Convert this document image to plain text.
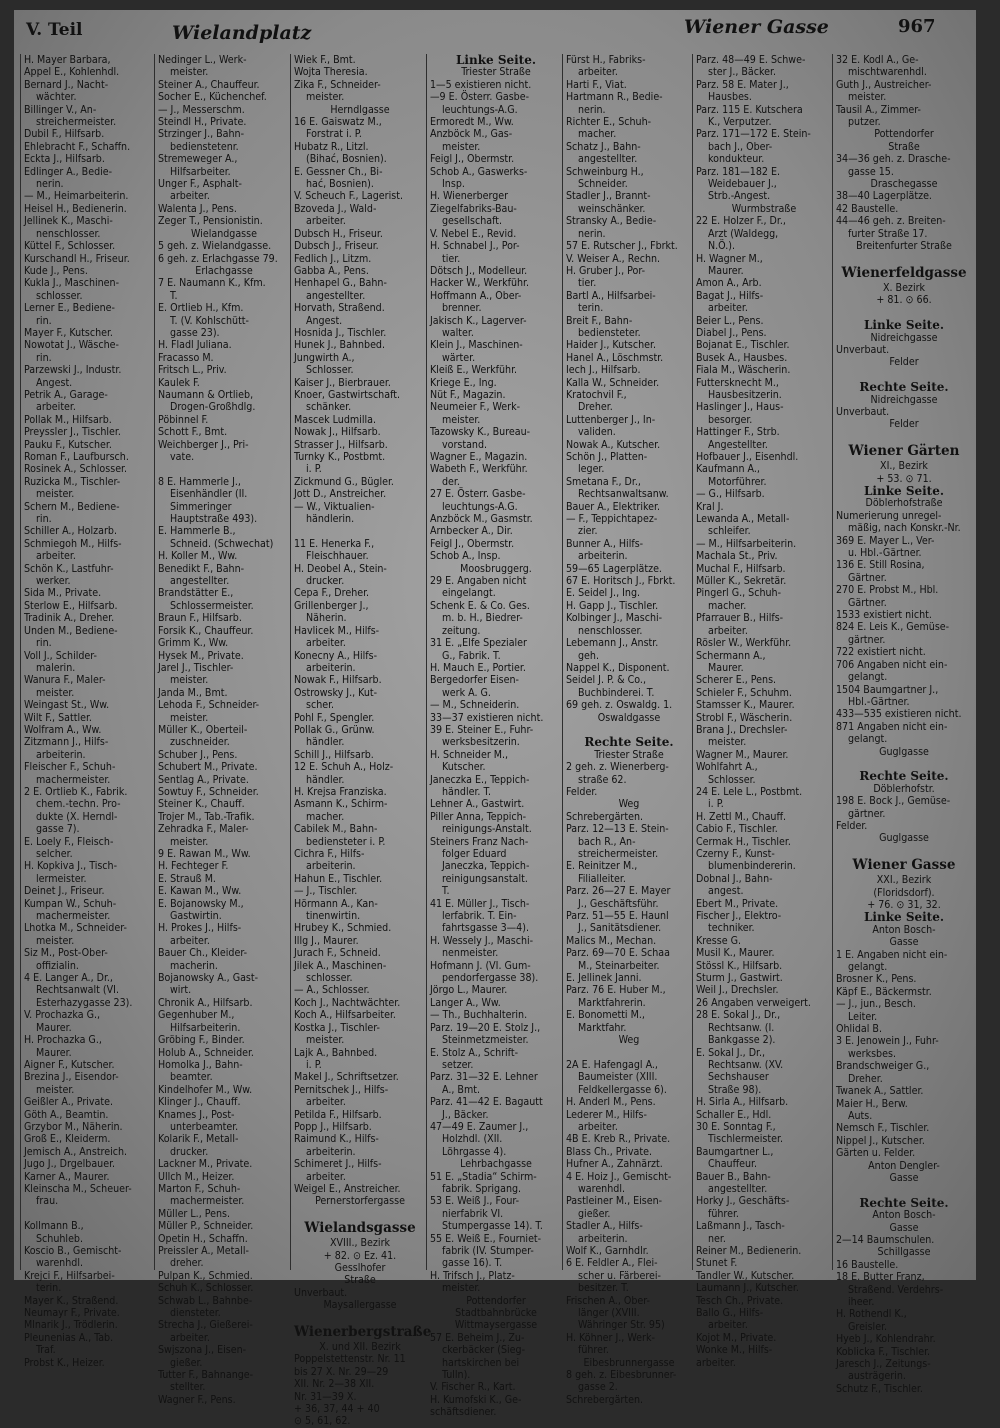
V. Teil	Wielandplatz	Wiener Gasse	967
H. Mayer Barbara,
Appel E., Kohlenhdl.
Bernard J., Nacht-
wächter.
Billinger V., An-
streichermeister.
Dubil F., Hilfsarb.
Ehlebracht F., Schaffn.
Eckta J., Hilfsarb.
Edlinger A., Bedie-
nerin.
— M., Heimarbeiterin.
Heisel H., Bedienerin.
Jellinek K., Maschi-
nenschlosser.
Küttel F., Schlosser.
Kurschandl H., Friseur.
Kude J., Pens.
Kukla J., Maschinen-
schlosser.
Lerner E., Bediene-
rin.
Mayer F., Kutscher.
Nowotat J., Wäsche-
rin.
Parzewski J., Industr.
Angest.
Petrik A., Garage-
arbeiter.
Pollak M., Hilfsarb.
Preyssler J., Tischler.
Pauku F., Kutscher.
Roman F., Laufbursch.
Rosinek A., Schlosser.
Ruzicka M., Tischler-
meister.
Schern M., Bediene-
rin.
Schiller A., Holzarb.
Schmiegoh M., Hilfs-
arbeiter.
Schön K., Lastfuhr-
werker.
Sida M., Private.
Sterlow E., Hilfsarb.
Tradinik A., Dreher.
Unden M., Bediene-
rin.
Voll J., Schilder-
malerin.
Wanura F., Maler-
meister.
Weingast St., Ww.
Wilt F., Sattler.
Wolfram A., Ww.
Zitzmann J., Hilfs-
arbeiterin.
Fleischer F., Schuh-
machermeister.
2 E. Ortlieb K., Fabrik.
chem.-techn. Pro-
dukte (X. Herndl-
gasse 7).
E. Loely F., Fleisch-
selcher.
H. Kopkiva J., Tisch-
lermeister.
Deinet J., Friseur.
Kumpan W., Schuh-
machermeister.
Lhotka M., Schneider-
meister.
Siz M., Post-Ober-
offizialin.
4 E. Langer A., Dr.,
Rechtsanwalt (VI.
Esterhazygasse 23).
V. Prochazka G.,
Maurer.
H. Prochazka G.,
Maurer.
Aigner F., Kutscher.
Brezina J., Eisendor-
meister.
Geißler A., Private.
Göth A., Beamtin.
Grzybor M., Näherin.
Groß E., Kleiderm.
Jemisch A., Anstreich.
Jugo J., Drgelbauer.
Karner A., Maurer.
Kleinscha M., Scheuer-
frau.

Kollmann B.,
Schuhleb.
Koscio B., Gemischt-
warenhdl.
Krejci F., Hilfsarbei-
terin.
Mayer K., Straßend.
Neumayr F., Private.
Mlnarik J., Trödlerin.
Pleunenias A., Tab.
Traf.
Probst K., Heizer.
Nedinger L., Werk-
meister.
Steiner A., Chauffeur.
Socher E., Küchenchef.
— J., Messerschm.
Steindl H., Private.
Strzinger J., Bahn-
bedienstetenr.
Stremeweger A.,
Hilfsarbeiter.
Unger F., Asphalt-
arbeiter.
Walenta J., Pens.
Zeger T., Pensionistin.
Wielandgasse
5 geh. z. Wielandgasse.
6 geh. z. Erlachgasse 79.
Erlachgasse
7 E. Naumann K., Kfm.
T.
E. Ortlieb H., Kfm.
T. (V. Kohlschütt-
gasse 23).
H. Fladl Juliana.
Fracasso M.
Fritsch L., Priv.
Kaulek F.
Naumann & Ortlieb,
Drogen-Großhdlg.
Pöbinnel F.
Schott F., Bmt.
Weichberger J., Pri-
vate.

8 E. Hammerle J.,
Eisenhändler (II.
Simmeringer
Hauptstraße 493).
E. Hammerle B.,
Schneid. (Schwechat)
H. Koller M., Ww.
Benedikt F., Bahn-
angestellter.
Brandstätter E.,
Schlossermeister.
Braun F., Hilfsarb.
Forsik K., Chauffeur.
Grimm K., Ww.
Hysek M., Private.
Jarel J., Tischler-
meister.
Janda M., Bmt.
Lehoda F., Schneider-
meister.
Müller K., Oberteil-
zuschneider.
Schuber J., Pens.
Schubert M., Private.
Sentlag A., Private.
Sowtuy F., Schneider.
Steiner K., Chauff.
Trojer M., Tab.-Trafik.
Zehradka F., Maler-
meister.
9 E. Rawan M., Ww.
H. Fechteger F.
E. Strauß M.
E. Kawan M., Ww.
E. Bojanowsky M.,
Gastwirtin.
H. Prokes J., Hilfs-
arbeiter.
Bauer Ch., Kleider-
macherin.
Bojanowsky A., Gast-
wirt.
Chronik A., Hilfsarb.
Gegenhuber M.,
Hilfsarbeiterin.
Gröbing F., Binder.
Holub A., Schneider.
Homolka J., Bahn-
beamter.
Kindelhofer M., Ww.
Klinger J., Chauff.
Knames J., Post-
unterbeamter.
Kolarik F., Metall-
drucker.
Lackner M., Private.
Ullch M., Heizer.
Marton F., Schuh-
machermeister.
Müller L., Pens.
Müller P., Schneider.
Opetin H., Schaffn.
Preissler A., Metall-
dreher.
Pulpan K., Schmied.
Schuh K., Schlosser.
Schwab L., Bahnbe-
diensteter.
Strecha J., Gießerei-
arbeiter.
Swjszona J., Eisen-
gießer.
Tutter F., Bahnange-
stellter.
Wagner F., Pens.
Wiek F., Bmt.
Wojta Theresia.
Zika F., Schneider-
meister.
Herndlgasse
16 E. Gaiswatz M.,
Forstrat i. P.
Hubatz R., Litzl.
(Bihać, Bosnien).
E. Gessner Ch., Bi-
hać, Bosnien).
V. Scheuch F., Lagerist.
Bzoveda J., Wald-
arbeiter.
Dubsch H., Friseur.
Dubsch J., Friseur.
Fedlich J., Litzm.
Gabba A., Pens.
Henhapel G., Bahn-
angestellter.
Horvath, Straßend.
Angest.
Hosnida J., Tischler.
Hunek J., Bahnbed.
Jungwirth A.,
Schlosser.
Kaiser J., Bierbrauer.
Knoer, Gastwirtschaft.
schänker.
Mascek Ludmilla.
Nowak J., Hilfsarb.
Strasser J., Hilfsarb.
Turnky K., Postbmt.
i. P.
Zickmund G., Bügler.
Jott D., Anstreicher.
— W., Viktualien-
händlerin.

11 E. Henerka F.,
Fleischhauer.
H. Deobel A., Stein-
drucker.
Cepa F., Dreher.
Grillenberger J.,
Näherin.
Havlicek M., Hilfs-
arbeiter.
Konecny A., Hilfs-
arbeiterin.
Nowak F., Hilfsarb.
Ostrowsky J., Kut-
scher.
Pohl F., Spengler.
Pollak G., Grünw.
händler.
Schill J., Hilfsarb.
12 E. Schuh A., Holz-
händler.
H. Krejsa Franziska.
Asmann K., Schirm-
macher.
Cabilek M., Bahn-
bediensteter i. P.
Cichra F., Hilfs-
arbeiterin.
Hahun E., Tischler.
— J., Tischler.
Hörmann A., Kan-
tinenwirtin.
Hrubey K., Schmied.
Illg J., Maurer.
Jurach F., Schneid.
Jilek A., Maschinen-
schlosser.
— A., Schlosser.
Koch J., Nachtwächter.
Koch A., Hilfsarbeiter.
Kostka J., Tischler-
meister.
Lajk A., Bahnbed.
i. P.
Makel J., Schriftsetzer.
Pernitschek J., Hilfs-
arbeiter.
Petilda F., Hilfsarb.
Popp J., Hilfsarb.
Raimund K., Hilfs-
arbeiterin.
Schimeret J., Hilfs-
arbeiter.
Weigel E., Anstreicher.
Pernerstorfergasse

Wielandsgasse
XVIII., Bezirk
+ 82. ⊙ Ez. 41.
Gesslhofer
Straße
Unverbaut.
Maysallergasse

Wienerbergstraße
X. und XII. Bezirk
Poppelstettenstr. Nr. 11
bis 27 X. Nr. 29—29
XII. Nr. 2—38 XII.
Nr. 31—39 X.
+ 36, 37, 44 + 40
⊙ 5, 61, 62.
Linke Seite.
Triester Straße
1—5 existieren nicht.
—9 E. Österr. Gasbe-
leuchtungs-A.G.
Ermoredt M., Ww.
Anzböck M., Gas-
meister.
Feigl J., Obermstr.
Schob A., Gaswerks-
Insp.
H. Wienerberger
Ziegelfabriks-Bau-
gesellschaft.
V. Nebel E., Revid.
H. Schnabel J., Por-
tier.
Dötsch J., Modelleur.
Hacker W., Werkführ.
Hoffmann A., Ober-
brenner.
Jakisch K., Lagerver-
walter.
Klein J., Maschinen-
wärter.
Kleiß E., Werkführ.
Kriege E., Ing.
Nüt F., Magazin.
Neumeier F., Werk-
meister.
Tazowsky K., Bureau-
vorstand.
Wagner E., Magazin.
Wabeth F., Werkführ.
der.
27 E. Österr. Gasbe-
leuchtungs-A.G.
Anzböck M., Gasmstr.
Arnbecker A., Dir.
Feigl J., Obermstr.
Schob A., Insp.
Moosbruggerg.
29 E. Angaben nicht
eingelangt.
Schenk E. & Co. Ges.
m. b. H., Biedrer-
zeitung.
31 E. „Elfe Spezialer
G., Fabrik. T.
H. Mauch E., Portier.
Bergedorfer Eisen-
werk A. G.
— M., Schneiderin.
33—37 existieren nicht.
39 E. Steiner E., Fuhr-
werksbesitzerin.
H. Schneider M.,
Kutscher.
Janeczka E., Teppich-
händler. T.
Lehner A., Gastwirt.
Piller Anna, Teppich-
reinigungs-Anstalt.
Steiners Franz Nach-
folger Eduard
Janeczka, Teppich-
reinigungsanstalt.
T.
41 E. Müller J., Tisch-
lerfabrik. T. Ein-
fahrtsgasse 3—4).
H. Wessely J., Maschi-
nenmeister.
Hofmann J. (VI. Gum-
pendorfergasse 38).
Jörgo L., Maurer.
Langer A., Ww.
— Th., Buchhalterin.
Parz. 19—20 E. Stolz J.,
Steinmetzmeister.
E. Stolz A., Schrift-
setzer.
Parz. 31—32 E. Lehner
A., Bmt.
Parz. 41—42 E. Bagautt
J., Bäcker.
47—49 E. Zaumer J.,
Holzhdl. (XII.
Löhrgasse 4).
Lehrbachgasse
51 E. „Stadia“ Schirm-
fabrik. Sprigang.
53 E. Weiß J., Four-
nierfabrik VI.
Stumpergasse 14). T.
55 E. Weiß E., Fourniet-
fabrik (IV. Stumper-
gasse 16). T.
H. Trifsch J., Platz-
meister.
Pottendorfer
Stadtbahnbrücke
Wittmaysergasse
57 E. Beheim J., Zu-
ckerbäcker (Sieg-
hartskirchen bei
Tulln).
V. Fischer R., Kart.
H. Kumofski K., Ge-
schäftsdiener.
Fürst H., Fabriks-
arbeiter.
Harti F., Viat.
Hartmann R., Bedie-
nerin.
Richter E., Schuh-
macher.
Schatz J., Bahn-
angestellter.
Schweinburg H.,
Schneider.
Stadler J., Brannt-
weinschänker.
Stransky A., Bedie-
nerin.
57 E. Rutscher J., Fbrkt.
V. Weiser A., Rechn.
H. Gruber J., Por-
tier.
Bartl A., Hilfsarbei-
terin.
Breit F., Bahn-
bediensteter.
Haider J., Kutscher.
Hanel A., Löschmstr.
Iech J., Hilfsarb.
Kalla W., Schneider.
Kratochvil F.,
Dreher.
Luttenberger J., In-
validen.
Nowak A., Kutscher.
Schön J., Platten-
leger.
Smetana F., Dr.,
Rechtsanwaltsanw.
Bauer A., Elektriker.
— F., Teppichtapez-
zier.
Bunner A., Hilfs-
arbeiterin.
59—65 Lagerplätze.
67 E. Horitsch J., Fbrkt.
E. Seidel J., Ing.
H. Gapp J., Tischler.
Kolbinger J., Maschi-
nenschlosser.
Lebemann J., Anstr.
geh.
Nappel K., Disponent.
Seidel J. P. & Co.,
Buchbinderei. T.
69 geh. z. Oswaldg. 1.
Oswaldgasse

Rechte Seite.
Triester Straße
2 geh. z. Wienerberg-
straße 62.
Felder.
Weg
Schrebergärten.
Parz. 12—13 E. Stein-
bach R., An-
streichermeister.
E. Reinitzer M.,
Filialleiter.
Parz. 26—27 E. Mayer
J., Geschäftsführ.
Parz. 51—55 E. Haunl
J., Sanitätsdiener.
Malics M., Mechan.
Parz. 69—70 E. Schaa
M., Steinarbeiter.
E. Jellinek Janni.
Parz. 76 E. Huber M.,
Marktfahrerin.
E. Bonometti M.,
Marktfahr.
Weg

2A E. Hafengagl A.,
Baumeister (XIII.
Feldkellergasse 6).
H. Anderl M., Pens.
Lederer M., Hilfs-
arbeiter.
4B E. Kreb R., Private.
Blass Ch., Private.
Hufner A., Zahnärzt.
4 E. Hoiz J., Gemischt-
warenhdl.
Pastleiner M., Eisen-
gießer.
Stadler A., Hilfs-
arbeiterin.
Wolf K., Garnhdlr.
6 E. Feldler A., Flei-
scher u. Färberei-
besitzer. T.
Frischen A., Ober-
länger (XVIII.
Währinger Str. 95)
H. Köhner J., Werk-
führer.
Eibesbrunnergasse
8 geh. z. Eibesbrunner-
gasse 2.
Schrebergärten.
Parz. 48—49 E. Schwe-
ster J., Bäcker.
Parz. 58 E. Mater J.,
Hausbes.
Parz. 115 E. Kutschera
K., Verputzer.
Parz. 171—172 E. Stein-
bach J., Ober-
kondukteur.
Parz. 181—182 E.
Weidebauer J.,
Strb.-Angest.
Wurmbstraße
22 E. Holzer F., Dr.,
Arzt (Waldegg,
N.Ö.).
H. Wagner M.,
Maurer.
Amon A., Arb.
Bagat J., Hilfs-
arbeiter.
Beier L., Pens.
Diabel J., Pens.
Bojanat E., Tischler.
Busek A., Hausbes.
Fiala M., Wäscherin.
Futtersknecht M.,
Hausbesitzerin.
Haslinger J., Haus-
besorger.
Hattinger F., Strb.
Angestellter.
Hofbauer J., Eisenhdl.
Kaufmann A.,
Motorführer.
— G., Hilfsarb.
Kral J.
Lewanda A., Metall-
schleifer.
— M., Hilfsarbeiterin.
Machala St., Priv.
Muchal F., Hilfsarb.
Müller K., Sekretär.
Pingerl G., Schuh-
macher.
Pfarrauer B., Hilfs-
arbeiter.
Rösler W., Werkführ.
Schermann A.,
Maurer.
Scherer E., Pens.
Schieler F., Schuhm.
Stamsser K., Maurer.
Strobl F., Wäscherin.
Brana J., Drechsler-
meister.
Wagner M., Maurer.
Wohlfahrt A.,
Schlosser.
24 E. Lele L., Postbmt.
i. P.
H. Zettl M., Chauff.
Cabio F., Tischler.
Cermak H., Tischler.
Czerny F., Kunst-
blumenbindererin.
Dobnal J., Bahn-
angest.
Ebert M., Private.
Fischer J., Elektro-
techniker.
Kresse G.
Musil K., Maurer.
Stössl K., Hilfsarb.
Sturm J., Gastwirt.
Weil J., Drechsler.
26 Angaben verweigert.
28 E. Sokal J., Dr.,
Rechtsanw. (I.
Bankgasse 2).
E. Sokal J., Dr.,
Rechtsanw. (XV.
Sechshauser
Straße 98).
H. Sirla A., Hilfsarb.
Schaller E., Hdl.
30 E. Sonntag F.,
Tischlermeister.
Baumgartner L.,
Chauffeur.
Bauer B., Bahn-
angestellter.
Horky J., Geschäfts-
führer.
Laßmann J., Tasch-
ner.
Reiner M., Bedienerin.
Stunet F.
Tandler W., Kutscher.
Laumann J., Kutscher.
Tesch Ch., Private.
Ballo G., Hilfs-
arbeiter.
Kojot M., Private.
Wonke M., Hilfs-
arbeiter.
32 E. Kodl A., Ge-
mischtwarenhdl.
Guth J., Austreicher-
meister.
Tausil A., Zimmer-
putzer.
Pottendorfer
Straße
34—36 geh. z. Drasche-
gasse 15.
Draschegasse
38—40 Lagerplätze.
42 Baustelle.
44—46 geh. z. Breiten-
furter Straße 17.
Breitenfurter Straße

Wienerfeldgasse
X. Bezirk
+ 81. ⊙ 66.

Linke Seite.
Nidreichgasse
Unverbaut.
Felder

Rechte Seite.
Nidreichgasse
Unverbaut.
Felder

Wiener Gärten
XI., Bezirk
+ 53. ⊙ 71.
Linke Seite.
Döblerhofstraße
Numerierung unregel-
mäßig, nach Konskr.-Nr.
369 E. Mayer L., Ver-
u. Hbl.-Gärtner.
136 E. Still Rosina,
Gärtner.
270 E. Probst M., Hbl.
Gärtner.
1533 existiert nicht.
824 E. Leis K., Gemüse-
gärtner.
722 existiert nicht.
706 Angaben nicht ein-
gelangt.
1504 Baumgartner J.,
Hbl.-Gärtner.
433—535 existieren nicht.
871 Angaben nicht ein-
gelangt.
Guglgasse

Rechte Seite.
Döblerhofstr.
198 E. Bock J., Gemüse-
gärtner.
Felder.
Guglgasse

Wiener Gasse
XXI., Bezirk
(Floridsdorf).
+ 76. ⊙ 31, 32.
Linke Seite.
Anton Bosch-
Gasse
1 E. Angaben nicht ein-
gelangt.
Brosner K., Pens.
Käpf E., Bäckermstr.
— J., jun., Besch.
Leiter.
Ohlidal B.
3 E. Jenowein J., Fuhr-
werksbes.
Brandschweiger G.,
Dreher.
Twanek A., Sattler.
Maier H., Berw.
Auts.
Nemsch F., Tischler.
Nippel J., Kutscher.
Gärten u. Felder.
Anton Dengler-
Gasse

Rechte Seite.
Anton Bosch-
Gasse
2—14 Baumschulen.
Schillgasse
16 Baustelle.
18 E. Butter Franz,
Straßend. Verdehrs-
iheer.
H. Rothendl K.,
Greisler.
Hyeb J., Kohlendrahr.
Koblicka F., Tischler.
Jaresch J., Zeitungs-
austrägerin.
Schutz F., Tischler.
